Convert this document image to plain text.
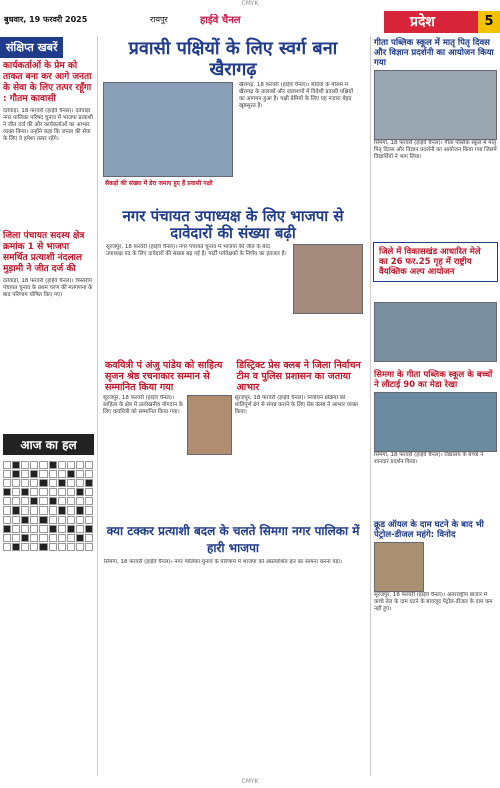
CMYK
बुधवार, 19 फरवरी 2025	रायपुर	हाईवे चैनल	प्रदेश	5
संक्षिप्त खबरें
कार्यकर्ताओं के प्रेम को ताकत बना कर आगे जनता के सेवा के लिए तत्पर रहूँगा : गौतम कावासी
दंतेवाड़ा, 18 फरवरी (हाईवे चैनल)। दंतेवाड़ा नगर पालिका परिषद चुनाव में भाजपा प्रत्याशी ने जीत दर्ज की और कार्यकर्ताओं का आभार व्यक्त किया। उन्होंने कहा कि जनता की सेवा के लिए वे हमेशा तत्पर रहेंगे।
जिला पंचायत सदस्य क्षेत्र क्रमांक 1 से भाजपा समर्थित प्रत्याशी नंदलाल मुड़ामी ने जीत दर्ज की
दंतेवाड़ा, 18 फरवरी (हाईवे चैनल)। त्रिस्तरीय पंचायत चुनाव के प्रथम चरण की मतगणना के बाद परिणाम घोषित किए गए।
आज का हल
प्रवासी पक्षियों के लिए स्वर्ग बना खैरागढ़
सैकड़ों की संख्या में डेरा जमाए हुए हैं प्रवासी पक्षी
खैरागढ़, 18 फरवरी (हाईवे चैनल)। सर्दियों के मौसम में खैरागढ़ के तालाबों और जलाशयों में विदेशी प्रवासी पक्षियों का आगमन हुआ है। पक्षी प्रेमियों के लिए यह नज़ारा बेहद खूबसूरत है।
नगर पंचायत उपाध्यक्ष के लिए भाजपा से दावेदारों की संख्या बढ़ी
सूरजपुर, 18 फरवरी (हाईवे चैनल)। नगर पंचायत चुनाव में भाजपा की जीत के बाद उपाध्यक्ष पद के लिए दावेदारों की संख्या बढ़ गई है। पार्टी पर्यवेक्षकों के निर्णय का इंतजार है।
कवयित्री पं अंजु पांडेय को साहित्य सृजन श्रेष्ठ रचनाकार सम्मान से सम्मानित किया गया
सूरजपुर, 18 फरवरी (हाईवे चैनल)। साहित्य के क्षेत्र में उल्लेखनीय योगदान के लिए कवयित्री को सम्मानित किया गया।
डिस्ट्रिक्ट प्रेस क्लब ने जिला निर्वाचन टीम व पुलिस प्रशासन का जताया आभार
सूरजपुर, 18 फरवरी (हाईवे चैनल)। निर्वाचन प्रक्रिया को शांतिपूर्ण ढंग से संपन्न कराने के लिए प्रेस क्लब ने आभार व्यक्त किया।
क्या टक्कर प्रत्याशी बदल के चलते सिमगा नगर पालिका में हारी भाजपा
सिमगा, 18 फरवरी (हाईवे चैनल)। नगर पालिका चुनाव के परिणाम में भाजपा को अप्रत्याशित हार का सामना करना पड़ा।
गीता पब्लिक स्कूल में मातृ पितृ दिवस और विज्ञान प्रदर्शनी का आयोजन किया गया
सिमगा, 18 फरवरी (हाईवे चैनल)। गीता पब्लिक स्कूल में मातृ पितृ दिवस और विज्ञान प्रदर्शनी का आयोजन किया गया जिसमें विद्यार्थियों ने भाग लिया।
जिले में विकासखंड आधारित मेले का 26 फर.25 गृह में राष्ट्रीय वैयक्तिक अल्प आयोजन
सिमगा के गीता पब्लिक स्कूल के बच्चों ने लौटाई 90 का मेडा रेखा
सिमगा, 18 फरवरी (हाईवे चैनल)। विद्यालय के बच्चों ने शानदार प्रदर्शन किया।
क्रूड ऑयल के दाम घटने के बाद भी पेट्रोल-डीजल महंगे: विनोद
सूरजपुर, 18 फरवरी (हाईवे चैनल)। अंतरराष्ट्रीय बाजार में कच्चे तेल के दाम घटने के बावजूद पेट्रोल-डीजल के दाम कम नहीं हुए।
CMYK
